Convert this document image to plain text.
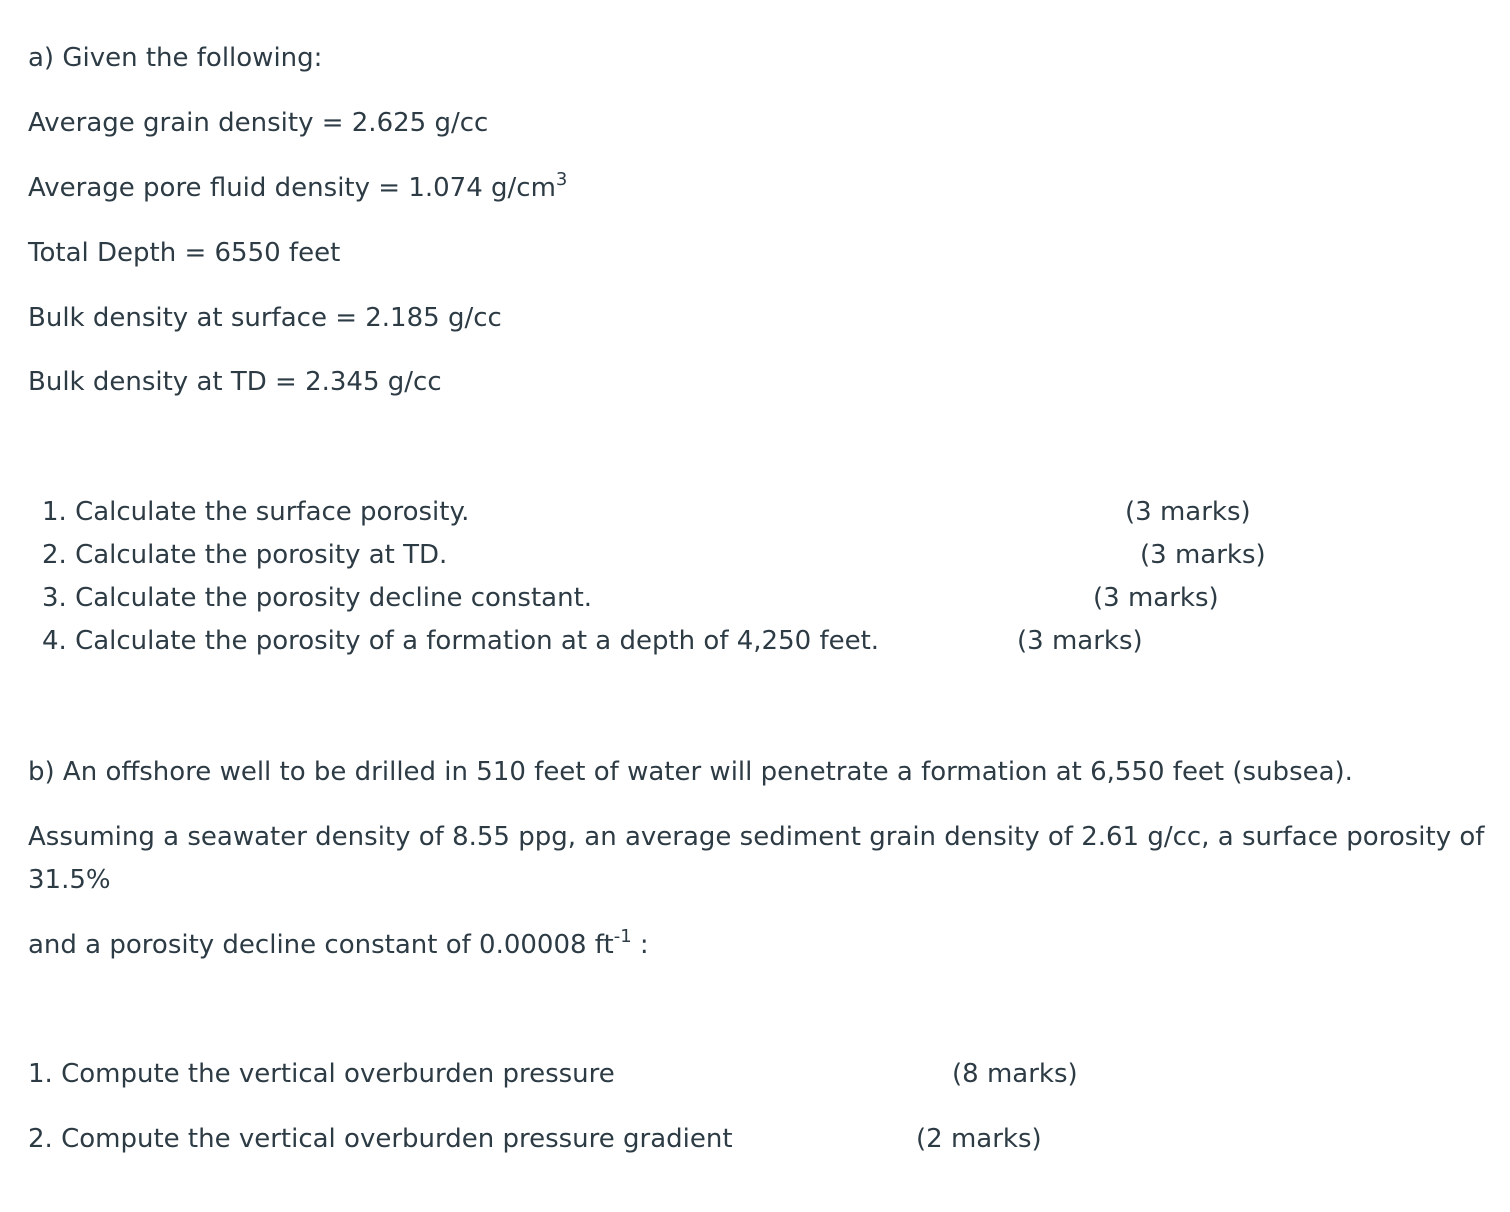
a) Given the following:
Average grain density = 2.625 g/cc
Average pore fluid density = 1.074 $g/cm^3$
Total Depth = 6550 feet
Bulk density at surface = 2.185 g/cc
Bulk density at TD = 2.345 g/cc
1. Calculate the surface porosity.	(3 marks)
2. Calculate the porosity at TD.	(3 marks)
3. Calculate the porosity decline constant.	(3 marks)
4. Calculate the porosity of a formation at a depth of 4,250 feet.	(3 marks)
b) An offshore well to be drilled in 510 feet of water will penetrate a formation at 6,550 feet (subsea).
Assuming a seawater density of 8.55 ppg, an average sediment grain density of 2.61 g/cc, a surface porosity of
31.5%
and a porosity decline constant of 0.00008 $ft^{-1}$ :
1. Compute the vertical overburden pressure	(8 marks)
2. Compute the vertical overburden pressure gradient	(2 marks)
